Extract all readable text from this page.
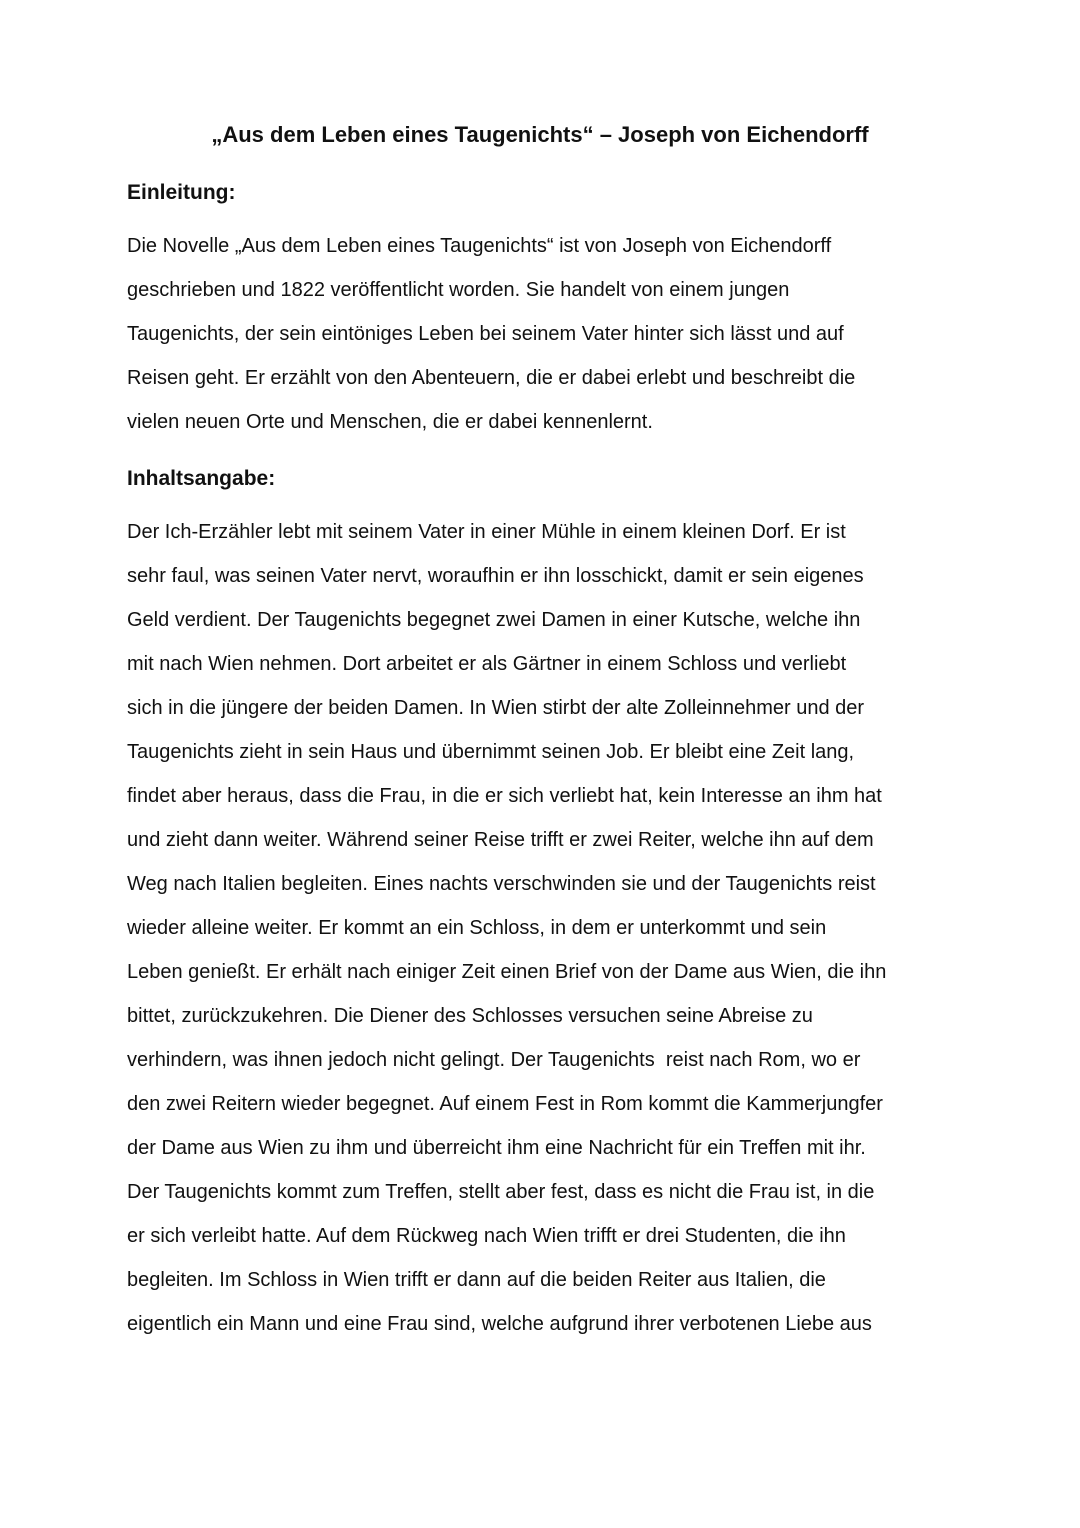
„Aus dem Leben eines Taugenichts“ – Joseph von Eichendorff
Einleitung:
Die Novelle „Aus dem Leben eines Taugenichts“ ist von Joseph von Eichendorff
geschrieben und 1822 veröffentlicht worden. Sie handelt von einem jungen
Taugenichts, der sein eintöniges Leben bei seinem Vater hinter sich lässt und auf
Reisen geht. Er erzählt von den Abenteuern, die er dabei erlebt und beschreibt die
vielen neuen Orte und Menschen, die er dabei kennenlernt.
Inhaltsangabe:
Der Ich-Erzähler lebt mit seinem Vater in einer Mühle in einem kleinen Dorf. Er ist
sehr faul, was seinen Vater nervt, woraufhin er ihn losschickt, damit er sein eigenes
Geld verdient. Der Taugenichts begegnet zwei Damen in einer Kutsche, welche ihn
mit nach Wien nehmen. Dort arbeitet er als Gärtner in einem Schloss und verliebt
sich in die jüngere der beiden Damen. In Wien stirbt der alte Zolleinnehmer und der
Taugenichts zieht in sein Haus und übernimmt seinen Job. Er bleibt eine Zeit lang,
findet aber heraus, dass die Frau, in die er sich verliebt hat, kein Interesse an ihm hat
und zieht dann weiter. Während seiner Reise trifft er zwei Reiter, welche ihn auf dem
Weg nach Italien begleiten. Eines nachts verschwinden sie und der Taugenichts reist
wieder alleine weiter. Er kommt an ein Schloss, in dem er unterkommt und sein
Leben genießt. Er erhält nach einiger Zeit einen Brief von der Dame aus Wien, die ihn
bittet, zurückzukehren. Die Diener des Schlosses versuchen seine Abreise zu
verhindern, was ihnen jedoch nicht gelingt. Der Taugenichts  reist nach Rom, wo er
den zwei Reitern wieder begegnet. Auf einem Fest in Rom kommt die Kammerjungfer
der Dame aus Wien zu ihm und überreicht ihm eine Nachricht für ein Treffen mit ihr.
Der Taugenichts kommt zum Treffen, stellt aber fest, dass es nicht die Frau ist, in die
er sich verleibt hatte. Auf dem Rückweg nach Wien trifft er drei Studenten, die ihn
begleiten. Im Schloss in Wien trifft er dann auf die beiden Reiter aus Italien, die
eigentlich ein Mann und eine Frau sind, welche aufgrund ihrer verbotenen Liebe aus
